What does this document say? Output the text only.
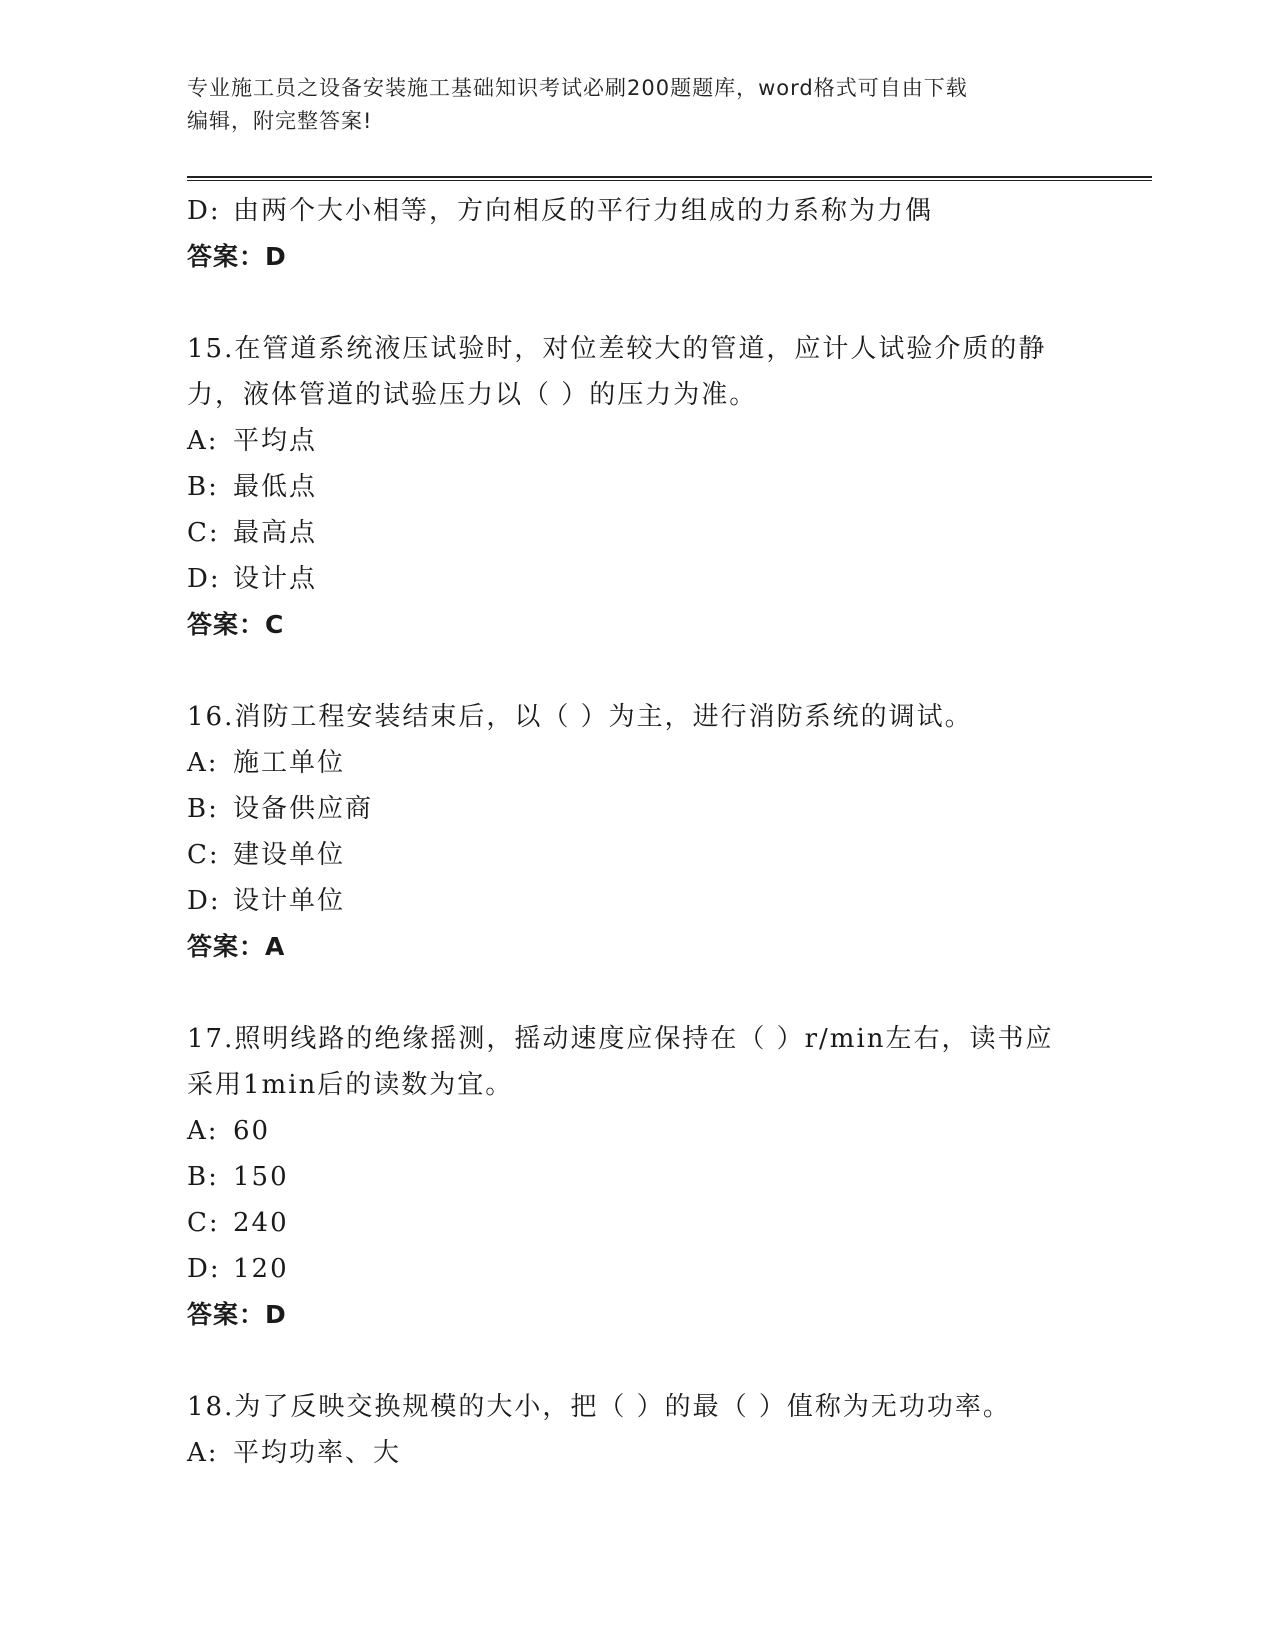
专业施工员之设备安装施工基础知识考试必刷200题题库，word格式可自由下载
编辑，附完整答案!
D: 由两个大小相等，方向相反的平行力组成的力系称为力偶
答案：D
15.在管道系统液压试验时，对位差较大的管道，应计人试验介质的静
力，液体管道的试验压力以（ ）的压力为准。
A: 平均点
B: 最低点
C: 最高点
D: 设计点
答案：C
16.消防工程安装结束后，以（ ）为主，进行消防系统的调试。
A: 施工单位
B: 设备供应商
C: 建设单位
D: 设计单位
答案：A
17.照明线路的绝缘摇测，摇动速度应保持在（ ）r/min左右，读书应
采用1min后的读数为宜。
A: 60
B: 150
C: 240
D: 120
答案：D
18.为了反映交换规模的大小，把（ ）的最（ ）值称为无功功率。
A: 平均功率、大
